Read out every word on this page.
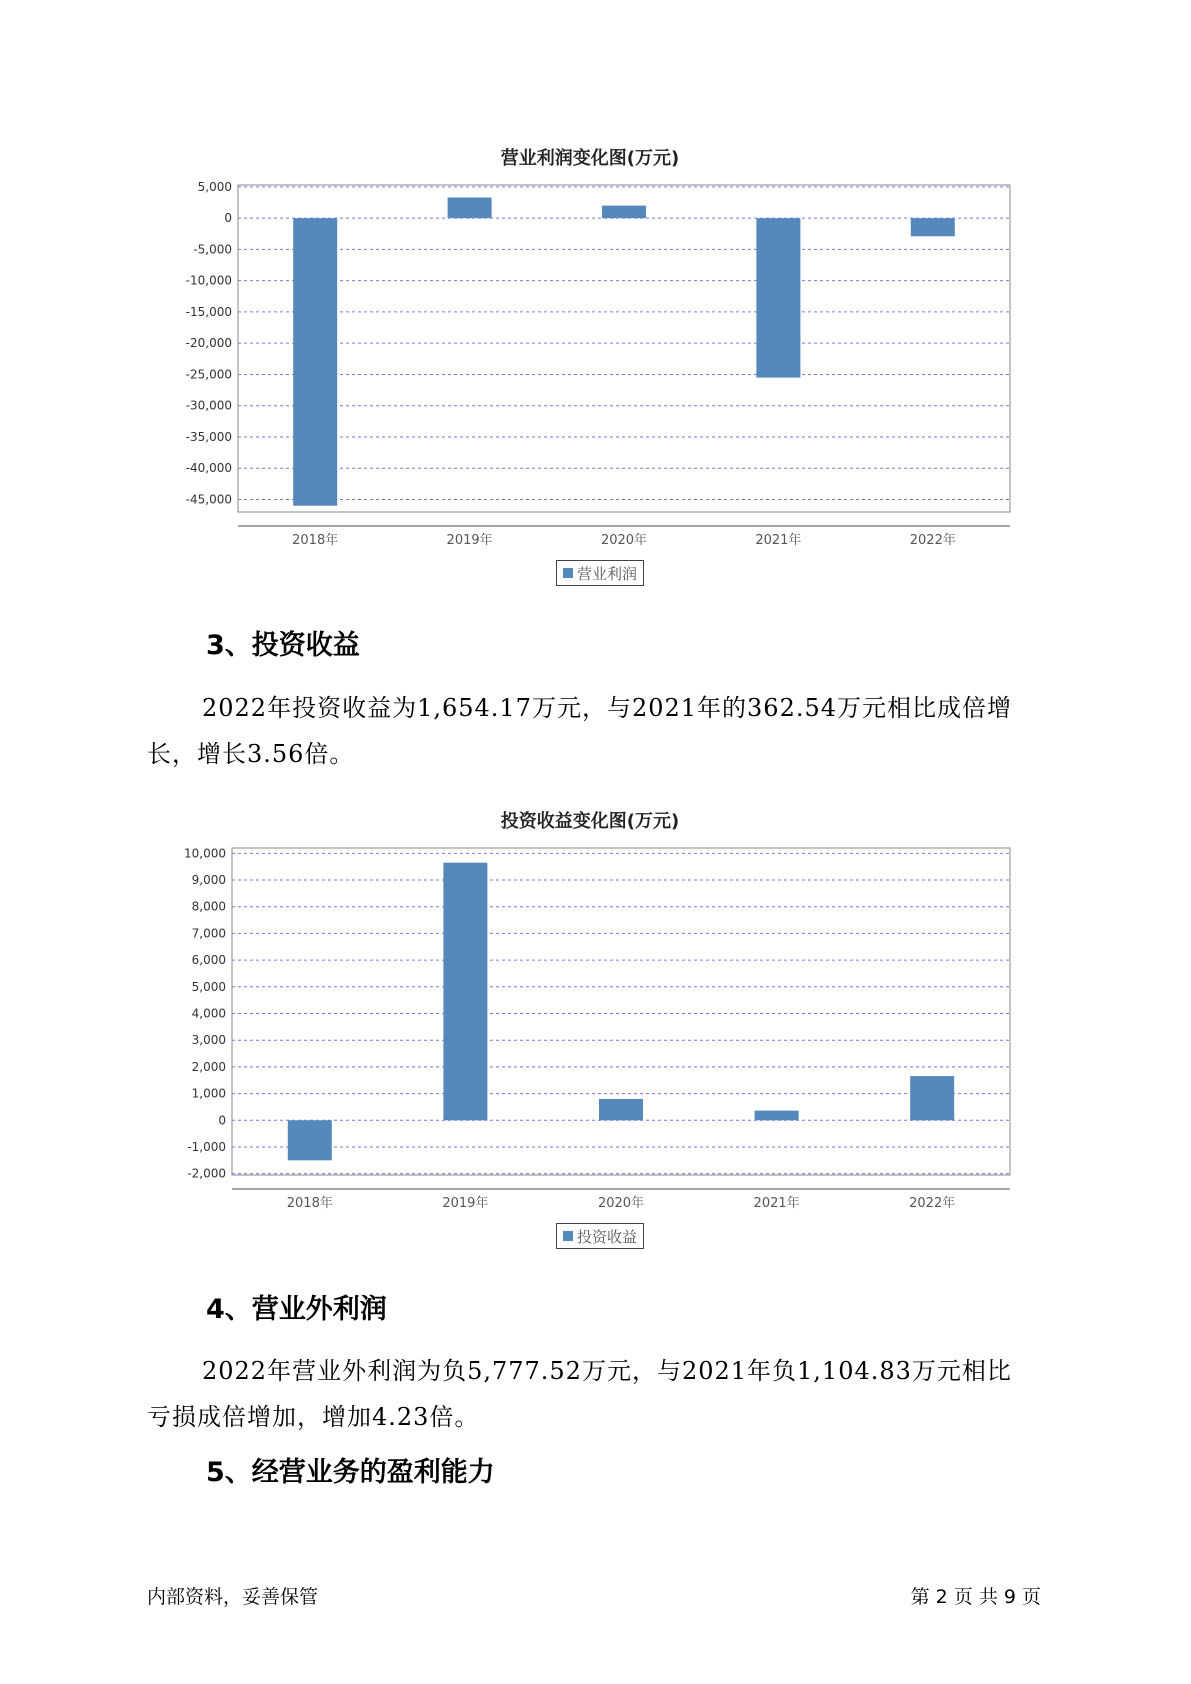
营业利润变化图(万元)
5,000
0
-5,000
-10,000
-15,000
-20,000
-25,000
-30,000
-35,000
-40,000
-45,000
2018年	2019年	2020年	2021年	2022年
营业利润
3、投资收益
2022年投资收益为1,654.17万元，与2021年的362.54万元相比成倍增
长，增长3.56倍。
投资收益变化图(万元)
10,000
9,000
8,000
7,000
6,000
5,000
4,000
3,000
2,000
1,000
0
-1,000
-2,000
2018年	2019年	2020年	2021年	2022年
投资收益
4、营业外利润
2022年营业外利润为负5,777.52万元，与2021年负1,104.83万元相比
亏损成倍增加，增加4.23倍。
5、经营业务的盈利能力
内部资料，妥善保管	第 2 页 共 9 页
